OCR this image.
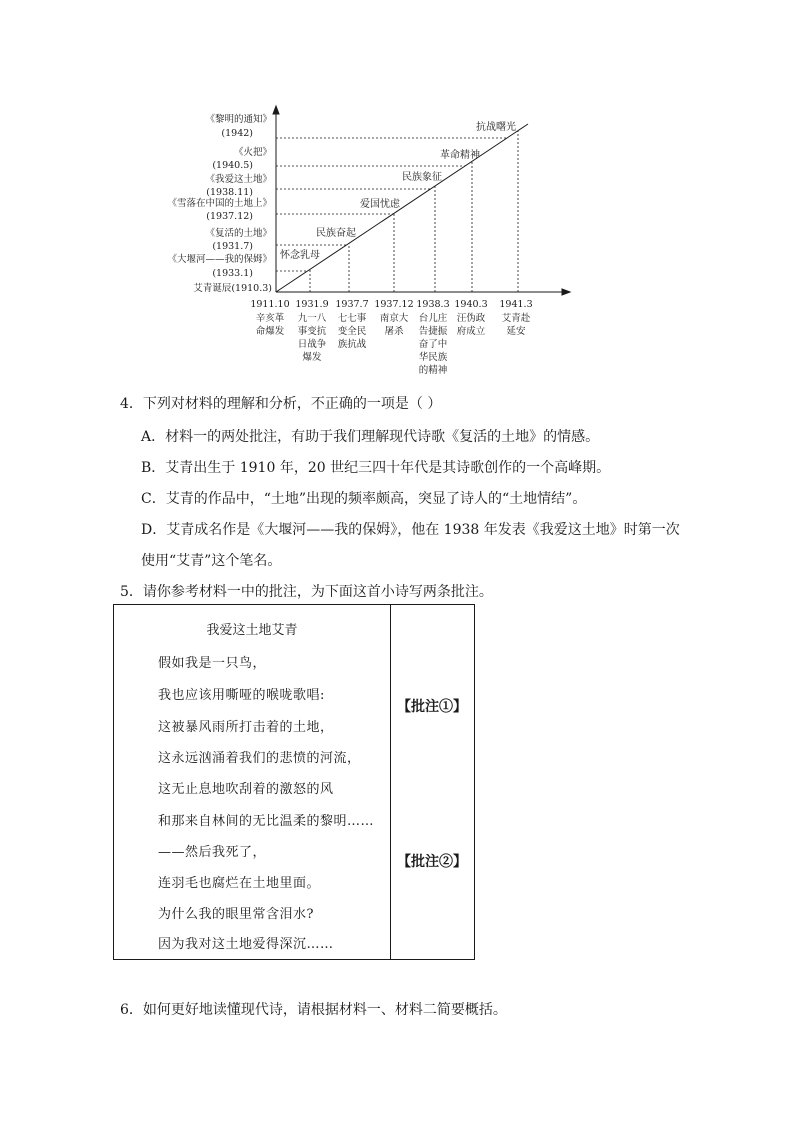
《黎明的通知》
(1942)
《火把》
(1940.5)
《我爱这土地》
(1938.11)
《雪落在中国的土地上》
(1937.12)
《复活的土地》
(1931.7)
《大堰河——我的保姆》
(1933.1)
艾青诞辰(1910.3)
抗战曙光
革命精神
民族象征
爱国忧虑
民族奋起
怀念乳母
1911.10
辛亥革
命爆发
1931.9
九一八
事变抗
日战争
爆发
1937.7
七七事
变全民
族抗战
1937.12
南京大
屠杀
1938.3
台儿庄
告捷振
奋了中
华民族
的精神
1940.3
汪伪政
府成立
1941.3
艾青赴
延安
4．下列对材料的理解和分析，不正确的一项是（ ）
A．材料一的两处批注，有助于我们理解现代诗歌《复活的土地》的情感。
B．艾青出生于 1910 年，20 世纪三四十年代是其诗歌创作的一个高峰期。
C．艾青的作品中，“土地”出现的频率颇高，突显了诗人的“土地情结”。
D．艾青成名作是《大堰河——我的保姆》，他在 1938 年发表《我爱这土地》时第一次
使用“艾青”这个笔名。
5．请你参考材料一中的批注，为下面这首小诗写两条批注。
我爱这土地艾青
假如我是一只鸟，
我也应该用嘶哑的喉咙歌唱:
这被暴风雨所打击着的土地，
这永远汹涌着我们的悲愤的河流，
这无止息地吹刮着的激怒的风
和那来自林间的无比温柔的黎明……
——然后我死了，
连羽毛也腐烂在土地里面。
为什么我的眼里常含泪水?
因为我对这土地爱得深沉……
【批注①】
【批注②】
6．如何更好地读懂现代诗，请根据材料一、材料二简要概括。
